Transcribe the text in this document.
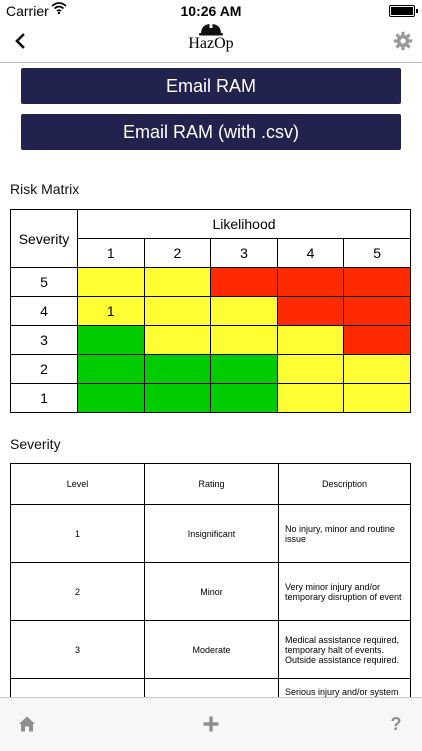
Carrier	10:26 AM
HazOp
Email RAM
Email RAM (with .csv)
Risk Matrix
Severity	Likelihood				
	1	2	3	4	5
5					
4	1				
3					
2					
1					
Severity
Level	Rating	Description
1	Insignificant	No injury, minor and routine issue
2	Minor	Very minor injury and/or temporary disruption of event
3	Moderate	Medical assistance required, temporary halt of events. Outside assistance required.
		Serious injury and/or system
?
